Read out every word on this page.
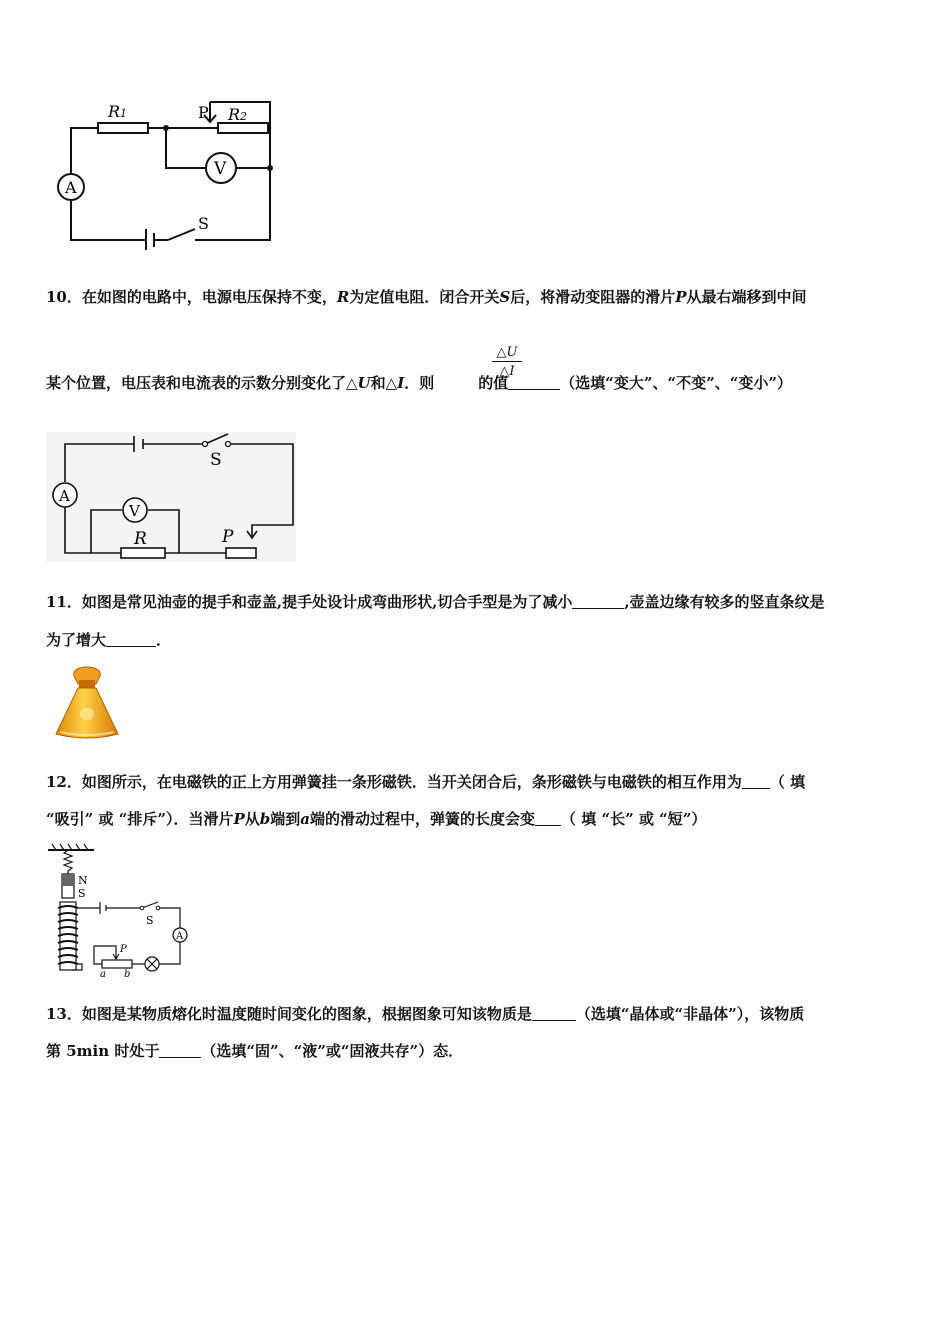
R1	P R2
V
A
S
10．在如图的电路中，电源电压保持不变，R为定值电阻．闭合开关S后，将滑动变阻器的滑片P从最右端移到中间
某个位置，电压表和电流表的示数分别变化了△U和△I．则	的值	（选填“变大”、“不变”、“变小”）
$\frac{\triangle U}{\triangle I}$
A
V
S
R	P
11．如图是常见油壶的提手和壶盖,提手处设计成弯曲形状,切合手型是为了减小	,壶盖边缘有较多的竖直条纹是
为了增大	．
12．如图所示，在电磁铁的正上方用弹簧挂一条形磁铁．当开关闭合后，条形磁铁与电磁铁的相互作用为 （ 填
“吸引” 或 “排斥”）．当滑片P从b端到a端的滑动过程中，弹簧的长度会变 （ 填 “长” 或 “短”）
N
S
S
A
P
a b
13．如图是某物质熔化时温度随时间变化的图象，根据图象可知该物质是	（选填“晶体或“非晶体”），该物质
第 5min 时处于	（选填“固”、“液”或“固液共存”）态．
